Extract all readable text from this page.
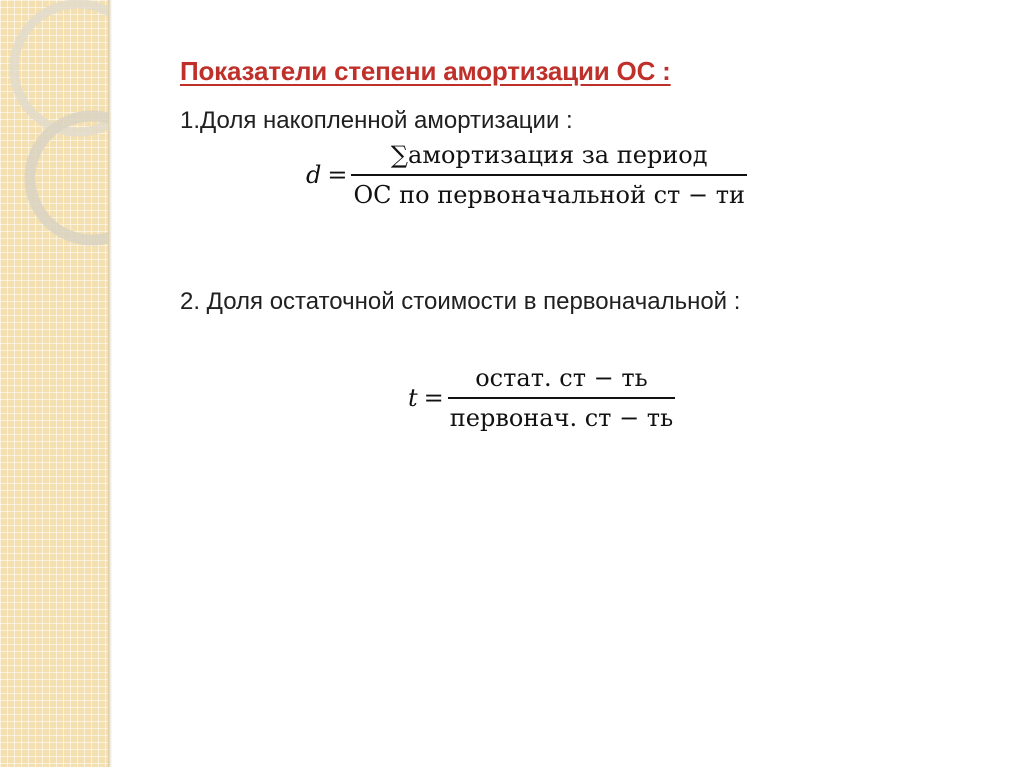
Показатели степени амортизации ОС :
1.Доля накопленной амортизации :
$d = \frac{\text{∑амортизация за период}}{\text{ОС по первоначальной ст − ти}}$
2. Доля остаточной стоимости в первоначальной :
$t = \frac{\text{остат. ст − ть}}{\text{первонач. ст − ть}}$
